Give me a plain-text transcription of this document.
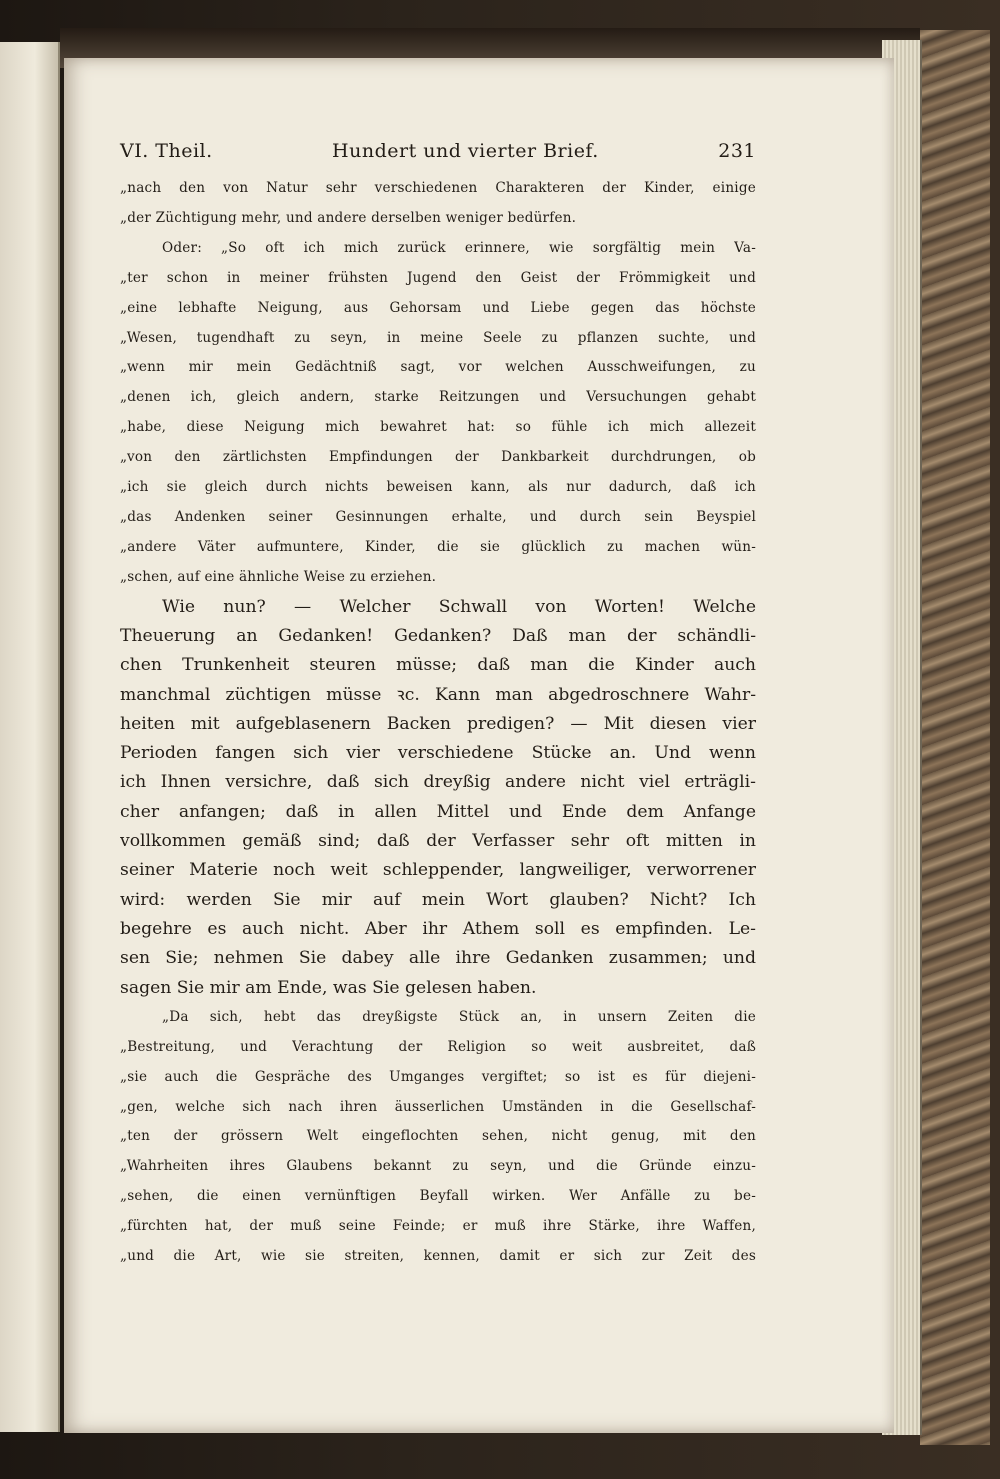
VI. Theil.	Hundert und vierter Brief.	231

„nach den von Natur sehr verschiedenen Charakteren der Kinder, einige

„der Züchtigung mehr, und andere derselben weniger bedürfen.

Oder: „So oft ich mich zurück erinnere, wie sorgfältig mein Va-

„ter schon in meiner frühsten Jugend den Geist der Frömmigkeit und

„eine lebhafte Neigung, aus Gehorsam und Liebe gegen das höchste

„Wesen, tugendhaft zu seyn, in meine Seele zu pflanzen suchte, und

„wenn mir mein Gedächtniß sagt, vor welchen Ausschweifungen, zu

„denen ich, gleich andern, starke Reitzungen und Versuchungen gehabt

„habe, diese Neigung mich bewahret hat: so fühle ich mich allezeit

„von den zärtlichsten Empfindungen der Dankbarkeit durchdrungen, ob

„ich sie gleich durch nichts beweisen kann, als nur dadurch, daß ich

„das Andenken seiner Gesinnungen erhalte, und durch sein Beyspiel

„andere Väter aufmuntere, Kinder, die sie glücklich zu machen wün-

„schen, auf eine ähnliche Weise zu erziehen.

Wie nun? — Welcher Schwall von Worten! Welche

Theuerung an Gedanken! Gedanken? Daß man der schändli-

chen Trunkenheit steuren müsse; daß man die Kinder auch

manchmal züchtigen müsse ꝛc. Kann man abgedroschnere Wahr-

heiten mit aufgeblasenern Backen predigen? — Mit diesen vier

Perioden fangen sich vier verschiedene Stücke an. Und wenn

ich Ihnen versichre, daß sich dreyßig andere nicht viel erträgli-

cher anfangen; daß in allen Mittel und Ende dem Anfange

vollkommen gemäß sind; daß der Verfasser sehr oft mitten in

seiner Materie noch weit schleppender, langweiliger, verworrener

wird: werden Sie mir auf mein Wort glauben? Nicht? Ich

begehre es auch nicht. Aber ihr Athem soll es empfinden. Le-

sen Sie; nehmen Sie dabey alle ihre Gedanken zusammen; und

sagen Sie mir am Ende, was Sie gelesen haben.

„Da sich, hebt das dreyßigste Stück an, in unsern Zeiten die

„Bestreitung, und Verachtung der Religion so weit ausbreitet, daß

„sie auch die Gespräche des Umganges vergiftet; so ist es für diejeni-

„gen, welche sich nach ihren äusserlichen Umständen in die Gesellschaf-

„ten der grössern Welt eingeflochten sehen, nicht genug, mit den

„Wahrheiten ihres Glaubens bekannt zu seyn, und die Gründe einzu-

„sehen, die einen vernünftigen Beyfall wirken. Wer Anfälle zu be-

„fürchten hat, der muß seine Feinde; er muß ihre Stärke, ihre Waffen,

„und die Art, wie sie streiten, kennen, damit er sich zur Zeit des
